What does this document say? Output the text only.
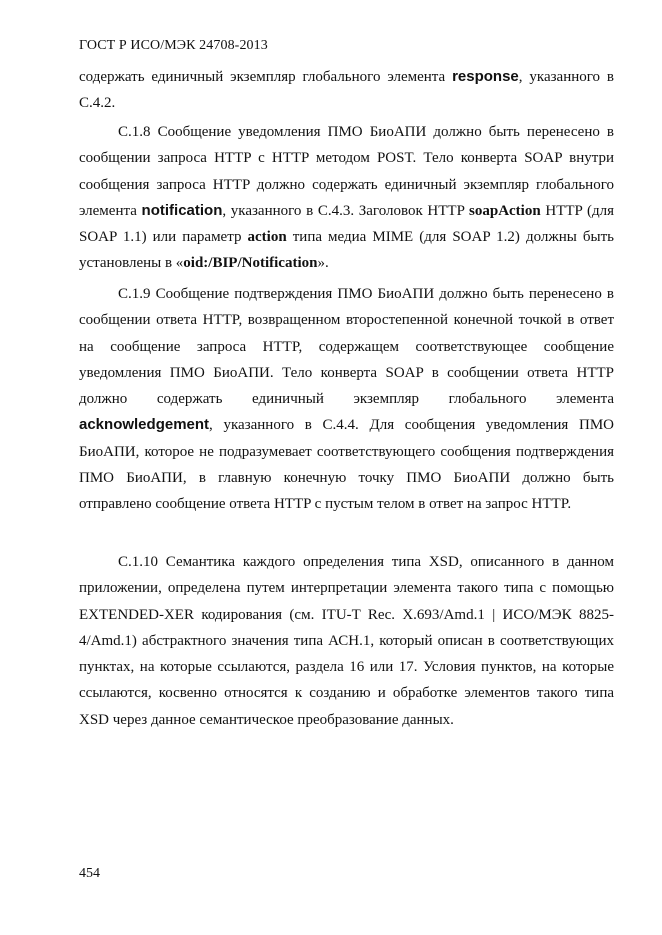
ГОСТ Р ИСО/МЭК 24708-2013

содержать единичный экземпляр глобального элемента response, указанного в С.4.2.

С.1.8 Сообщение уведомления ПМО БиоАПИ должно быть перенесено в сообщении запроса HTTP с HTTP методом POST. Тело конверта SOAP внутри сообщения запроса HTTP должно содержать единичный экземпляр глобального элемента notification, указанного в С.4.3. Заголовок HTTP soapAction HTTP (для SOAP 1.1) или параметр action типа медиа MIME (для SOAP 1.2) должны быть установлены в «oid:/BIP/Notification».

С.1.9 Сообщение подтверждения ПМО БиоАПИ должно быть перенесено в сообщении ответа HTTP, возвращенном второстепенной конечной точкой в ответ на сообщение запроса HTTP, содержащем соответствующее сообщение уведомления ПМО БиоАПИ. Тело конверта SOAP в сообщении ответа HTTP должно содержать единичный экземпляр глобального элемента acknowledgement, указанного в С.4.4. Для сообщения уведомления ПМО БиоАПИ, которое не подразумевает соответствующего сообщения подтверждения ПМО БиоАПИ, в главную конечную точку ПМО БиоАПИ должно быть отправлено сообщение ответа HTTP с пустым телом в ответ на запрос HTTP.

С.1.10 Семантика каждого определения типа XSD, описанного в данном приложении, определена путем интерпретации элемента такого типа с помощью EXTENDED-XER кодирования (см. ITU-T Rec. X.693/Amd.1 | ИСО/МЭК 8825-4/Amd.1) абстрактного значения типа АСН.1, который описан в соответствующих пунктах, на которые ссылаются, раздела 16 или 17. Условия пунктов, на которые ссылаются, косвенно относятся к созданию и обработке элементов такого типа XSD через данное семантическое преобразование данных.

454
